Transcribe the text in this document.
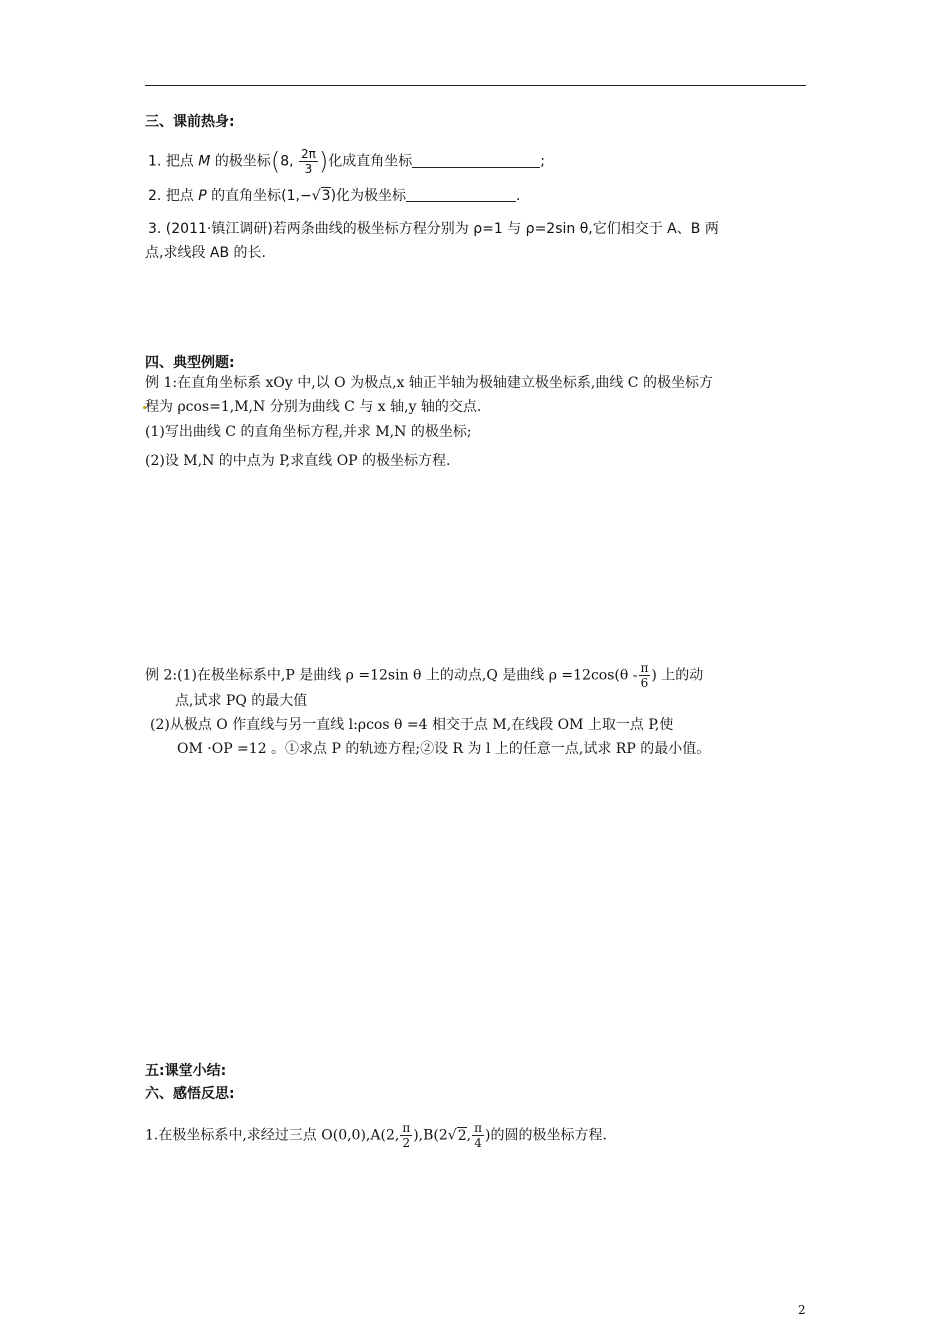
三、课前热身:
1. 把点 M 的极坐标(8, $\frac{2\pi}{3}$ )化成直角坐标	;
2. 把点 P 的直角坐标(1,−√3)化为极坐标	.
3. (2011·镇江调研)若两条曲线的极坐标方程分别为 ρ=1 与 ρ=2sin θ,它们相交于 A、B 两
点,求线段 AB 的长.
四、典型例题:
例 1:在直角坐标系 xOy 中,以 O 为极点,x 轴正半轴为极轴建立极坐标系,曲线 C 的极坐标方
程为 ρcos=1,M,N 分别为曲线 C 与 x 轴,y 轴的交点.
(1)写出曲线 C 的直角坐标方程,并求 M,N 的极坐标;
(2)设 M,N 的中点为 P,求直线 OP 的极坐标方程.
例 2:(1)在极坐标系中,P 是曲线 ρ =12sin θ 上的动点,Q 是曲线 $\rho =12\cos(\theta - \frac{\pi}{6}$ ) 上的动
点,试求 PQ 的最大值
(2)从极点 O 作直线与另一直线 l:ρcos θ =4 相交于点 M,在线段 OM 上取一点 P,使
OM ·OP =12 。①求点 P 的轨迹方程;②设 R 为 l 上的任意一点,试求 RP 的最小值。
五:课堂小结:
六、感悟反思:
1.在极坐标系中,求经过三点 O(0,0),A(2, $\frac{\pi}{2} ),B(2√2$, $\frac{\pi}{4}$ )的圆的极坐标方程.
2
